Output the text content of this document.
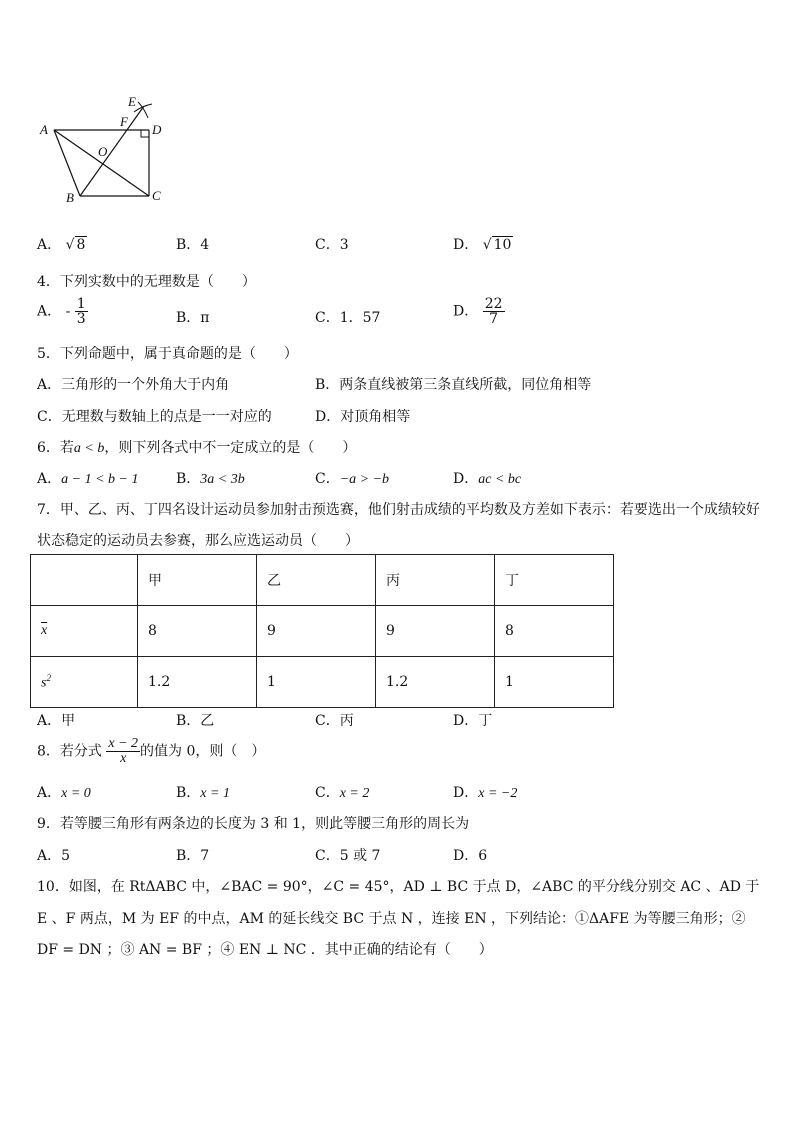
E
F
D
A
O
B	C
A． √ 8	B．4	C．3	D． √ 10
4．下列实数中的无理数是（　　）
A． - $\frac{1}{3}$	B．π	C．1．57	D． $\frac{22}{7}$
5．下列命题中，属于真命题的是（　　）
A．三角形的一个外角大于内角	B．两条直线被第三条直线所截，同位角相等
C．无理数与数轴上的点是一一对应的	D．对顶角相等
6．若a < b，则下列各式中不一定成立的是（　　）
A．a − 1 < b − 1	B．3a < 3b	C．−a > −b	D．ac < bc
7．甲、乙、丙、丁四名设计运动员参加射击预选赛，他们射击成绩的平均数及方差如下表示：若要选出一个成绩较好
状态稳定的运动员去参赛，那么应选运动员（　　）
	甲	乙	丙	丁
$\overline{x}$	8	9	9	8
$s^2$	1.2	1	1.2	1
A．甲	B．乙	C．丙	D．丁
8．若分式 $\frac{x - 2}{x}$ 的值为 0，则（　）
A．x = 0	B．x = 1	C．x = 2	D．x = −2
9．若等腰三角形有两条边的长度为 3 和 1，则此等腰三角形的周长为
A．5	B．7	C．5 或 7	D．6
10．如图，在 RtΔABC 中，∠BAC = 90°，∠C = 45°，AD ⊥ BC 于点 D，∠ABC 的平分线分别交 AC 、AD 于
E 、F 两点，M 为 EF 的中点，AM 的延长线交 BC 于点 N ，连接 EN ，下列结论：①ΔAFE 为等腰三角形；②
DF = DN ；③ AN = BF ；④ EN ⊥ NC ．其中正确的结论有（　　）
